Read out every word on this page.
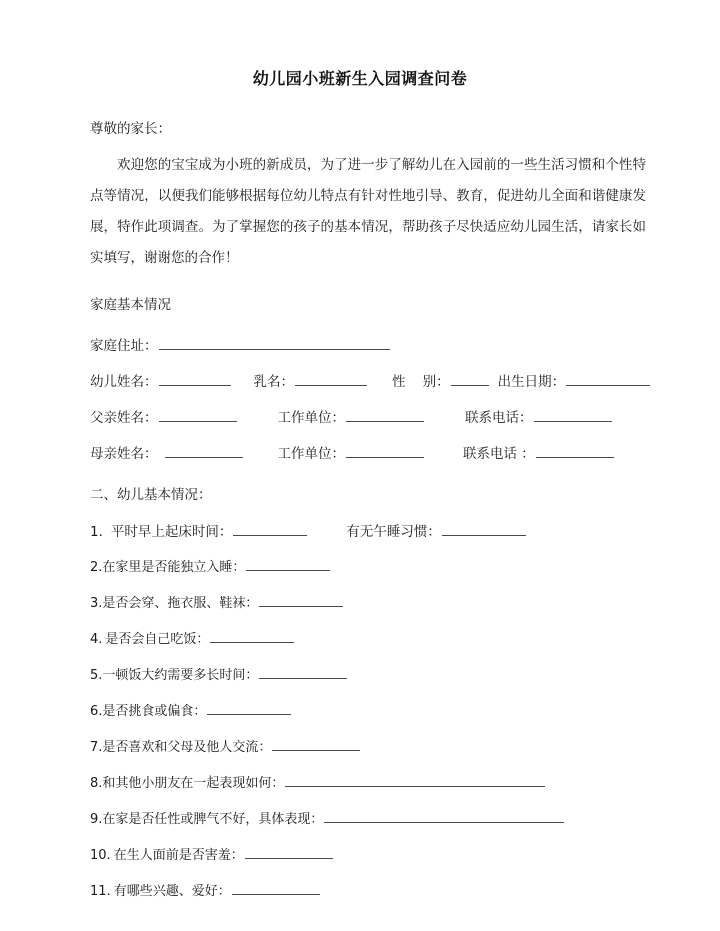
幼儿园小班新生入园调查问卷

尊敬的家长：

欢迎您的宝宝成为小班的新成员，为了进一步了解幼儿在入园前的一些生活习惯和个性特点等情况，以便我们能够根据每位幼儿特点有针对性地引导、教育，促进幼儿全面和谐健康发展，特作此项调查。为了掌握您的孩子的基本情况，帮助孩子尽快适应幼儿园生活，请家长如实填写，谢谢您的合作！

家庭基本情况

家庭住址：
幼儿姓名：	乳名：	性    别：	出生日期：
父亲姓名：	工作单位：	联系电话：
母亲姓名：	工作单位：	联系电话 ：

二、幼儿基本情况：

1. 平时早上起床时间：	有无午睡习惯：
2.在家里是否能独立入睡：
3.是否会穿、拖衣服、鞋袜：
4. 是否会自己吃饭：
5.一顿饭大约需要多长时间：
6.是否挑食或偏食：
7.是否喜欢和父母及他人交流：
8.和其他小朋友在一起表现如何：
9.在家是否任性或脾气不好，具体表现：
10. 在生人面前是否害羞：
11. 有哪些兴趣、爱好：
